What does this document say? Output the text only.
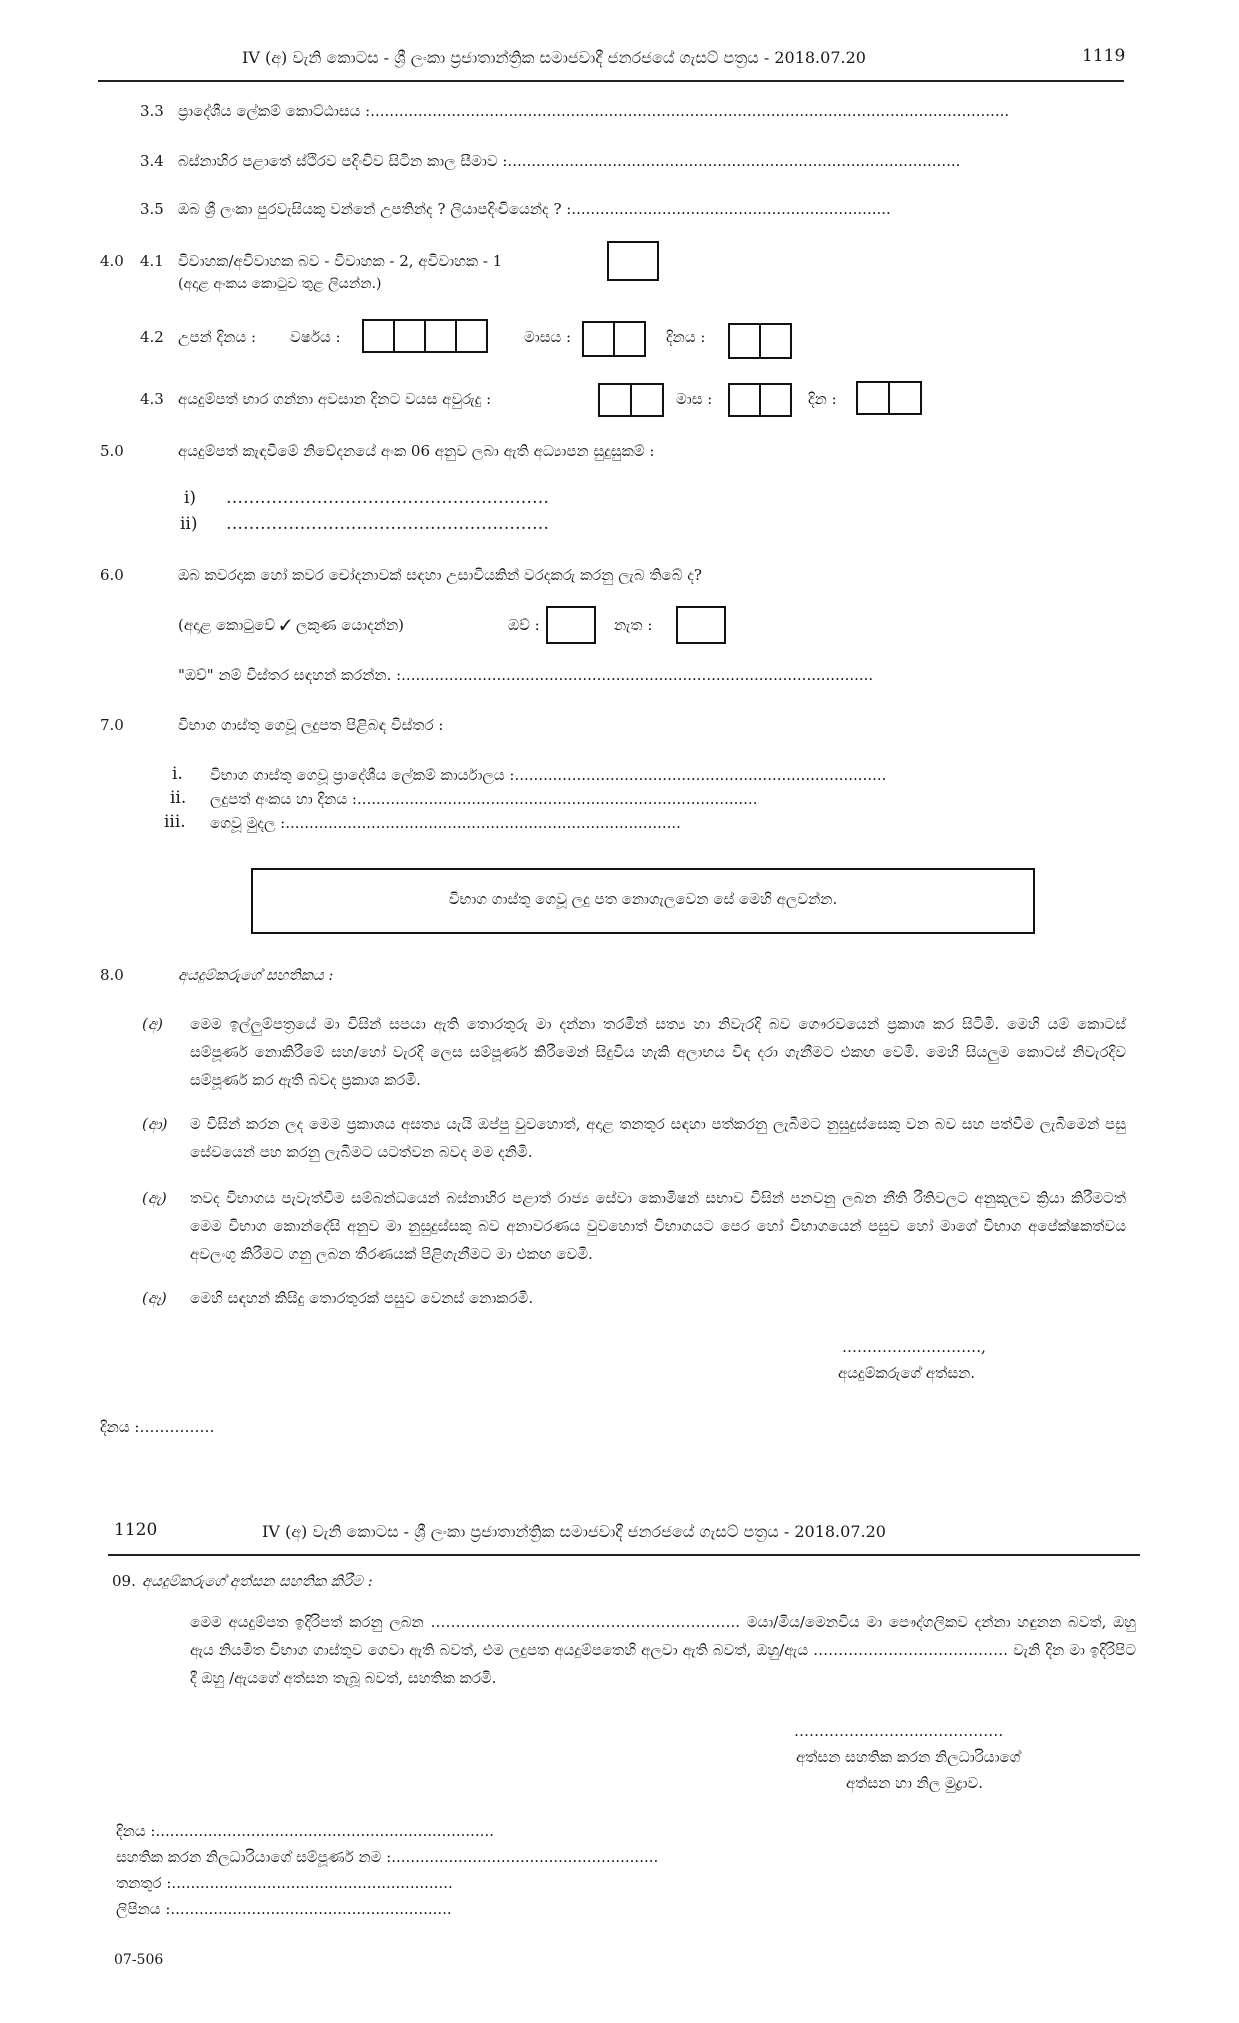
IV (අ) වැනි කොටස - ශ්‍රී ලංකා ප්‍රජාතාන්ත්‍රික සමාජවාදී ජනරජයේ ගැසට් පත්‍රය - 2018.07.20	1119
3.3 ප්‍රාදේශීය ලේකම් කොට්ඨාසය :......................................................................................................................................
3.4 බස්නාහිර පළාතේ ස්ථිරව පදිංචිව සිටින කාල සීමාව :...............................................................................................
3.5 ඔබ ශ්‍රී ලංකා පුරවැසියකු වන්නේ උපතින්ද ? ලියාපදිංචියෙන්ද ? :...................................................................
4.0 4.1 විවාහක/අවිවාහක බව - විවාහක - 2, අවිවාහක - 1
(අදාළ අංකය කොටුව තුළ ලියන්න.)
4.2 උපන් දිනය : වර්ෂය :	මාසය :	දිනය :
4.3 අයදුම්පත් භාර ගන්නා අවසාන දිනට වයස අවුරුදු :	මාස :	දින :
5.0	අයදුම්පත් කැඳවීමේ නිවේදනයේ අංක 06 අනුව ලබා ඇති අධ්‍යාපන සුදුසුකම් :
i) …………………………………………………
ii) …………………………………………………
6.0	ඔබ කවරදාක හෝ කවර චෝදනාවක් සඳහා උසාවියකින් වරදකරු කරනු ලැබ තිබේ ද?
(අදාළ කොටුවේ ✓ ලකුණ යොදන්න)	ඔව් :	නැත :
"ඔව්" නම් විස්තර සඳහන් කරන්න. :...................................................................................................
7.0	විභාග ගාස්තු ගෙවූ ලදුපත පිළිබඳ විස්තර :
i. විභාග ගාස්තු ගෙවූ ප්‍රාදේශීය ලේකම් කාර්යාලය :..............................................................................
ii. ලදුපත් අංකය හා දිනය :....................................................................................
iii. ගෙවූ මුදල :...................................................................................
විභාග ගාස්තු ගෙවූ ලදු පත නොගැලවෙන සේ මෙහි අලවන්න.
8.0	අයදුම්කරුගේ සහතිකය :
(අ) මෙම ඉල්ලුම්පත්‍රයේ මා විසින් සපයා ඇති තොරතුරු මා දන්නා තරමින් සත්‍ය හා නිවැරදි බව ගෞරවයෙන් ප්‍රකාශ කර සිටිමි. මෙහි යම් කොටස් සම්පූර්ණ නොකිරීමේ සහ/හෝ වැරදි ලෙස සම්පූර්ණ කිරීමෙන් සිදුවිය හැකි අලාභය විඳ දරා ගැනීමට එකඟ වෙමි. මෙහි සියලුම කොටස් නිවැරදිව සම්පූර්ණ කර ඇති බවද ප්‍රකාශ කරමි.
(ආ) ම විසින් කරන ලද මෙම ප්‍රකාශය අසත්‍ය යැයි ඔප්පු වුවහොත්, අදාළ තනතුර සඳහා පත්කරනු ලැබීමට නුසුදුස්සෙකු වන බව සහ පත්වීම ලැබීමෙන් පසු සේවයෙන් පහ කරනු ලැබීමට යටත්වන බවද මම දනිමි.
(ඇ) තවද විභාගය පැවැත්වීම සම්බන්ධයෙන් බස්නාහිර පළාත් රාජ්‍ය සේවා කොමිෂන් සභාව විසින් පනවනු ලබන නීති රීතිවලට අනුකූලව ක්‍රියා කිරීමටත් මෙම විභාග කොන්දේසි අනුව මා නුසුදුස්සකු බව අනාවරණය වුවහොත් විභාගයට පෙර හෝ විභාගයෙන් පසුව හෝ මාගේ විභාග අපේක්ෂකත්වය අවලංගු කිරීමට ගනු ලබන තීරණයක් පිළිගැනීමට මා එකඟ වෙමි.
(ඈ) මෙහි සඳහන් කිසිදු තොරතුරක් පසුව වෙනස් නොකරමි.
…………....…………,
අයදුම්කරුගේ අත්සන.
දිනය :……………
1120	IV (අ) වැනි කොටස - ශ්‍රී ලංකා ප්‍රජාතාන්ත්‍රික සමාජවාදී ජනරජයේ ගැසට් පත්‍රය - 2018.07.20
09. අයදුම්කරුගේ අත්සන සහතික කිරීම :
මෙම අයදුම්පත ඉදිරිපත් කරනු ලබන …………………………………………………….. මයා/මිය/මෙනවිය මා පෞද්ගලිකව දන්නා හඳුනන බවත්, ඔහු ඇය නියමිත විභාග ගාස්තුව ගෙවා ඇති බවත්, එම ලදුපත අයදුම්පතෙහි අලවා ඇති බවත්, ඔහු/ඇය ………………………………… වැනි දින මා ඉදිරිපිට දී ඔහු /ඇයගේ අත්සන තැබූ බවත්, සහතික කරමි.
……………………...……………
අත්සන සහතික කරන නිලධාරියාගේ
අත්සන හා නිල මුද්‍රාව.
දිනය :.......................................................................
සහතික කරන නිලධාරියාගේ සම්පූර්ණ නම :........................................................
තනතුර :...........................................................
ලිපිනය :...........................................................
07-506
